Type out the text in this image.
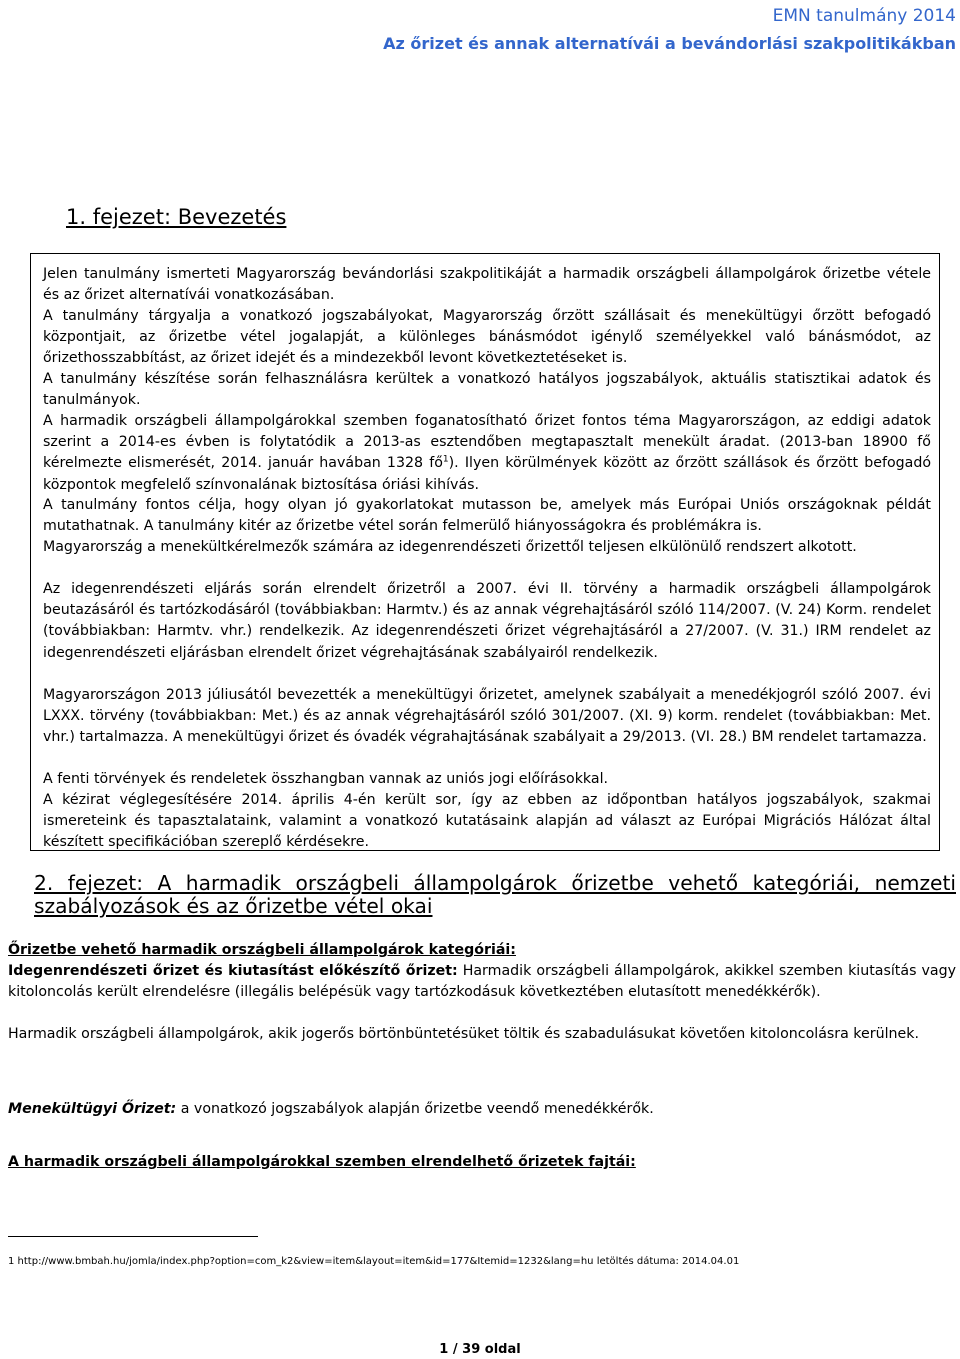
EMN tanulmány 2014
Az őrizet és annak alternatívái a bevándorlási szakpolitikákban
1. fejezet: Bevezetés

Jelen tanulmány ismerteti Magyarország bevándorlási szakpolitikáját a harmadik országbeli állampolgárok őrizetbe vétele és az őrizet alternatívái vonatkozásában.

A tanulmány tárgyalja a vonatkozó jogszabályokat, Magyarország őrzött szállásait és menekültügyi őrzött befogadó központjait, az őrizetbe vétel jogalapját, a különleges bánásmódot igénylő személyekkel való bánásmódot, az őrizethosszabbítást, az őrizet idejét és a mindezekből levont következtetéseket is.

A tanulmány készítése során felhasználásra kerültek a vonatkozó hatályos jogszabályok, aktuális statisztikai adatok és tanulmányok.

A harmadik országbeli állampolgárokkal szemben foganatosítható őrizet fontos téma Magyarországon, az eddigi adatok szerint a 2014-es évben is folytatódik a 2013-as esztendőben megtapasztalt menekült áradat. (2013-ban 18900 fő kérelmezte elismerését, 2014. január havában 1328 $fő^1$). Ilyen körülmények között az őrzött szállások és őrzött befogadó központok megfelelő színvonalának biztosítása óriási kihívás.

A tanulmány fontos célja, hogy olyan jó gyakorlatokat mutasson be, amelyek más Európai Uniós országoknak példát mutathatnak. A tanulmány kitér az őrizetbe vétel során felmerülő hiányosságokra és problémákra is.

Magyarország a menekültkérelmezők számára az idegenrendészeti őrizettől teljesen elkülönülő rendszert alkotott.

Az idegenrendészeti eljárás során elrendelt őrizetről a 2007. évi II. törvény a harmadik országbeli állampolgárok beutazásáról és tartózkodásáról (továbbiakban: Harmtv.) és az annak végrehajtásáról szóló 114/2007. (V. 24) Korm. rendelet (továbbiakban: Harmtv. vhr.) rendelkezik. Az idegenrendészeti őrizet végrehajtásáról a 27/2007. (V. 31.) IRM rendelet az idegenrendészeti eljárásban elrendelt őrizet végrehajtásának szabályairól rendelkezik.

Magyarországon 2013 júliusától bevezették a menekültügyi őrizetet, amelynek szabályait a menedékjogról szóló 2007. évi LXXX. törvény (továbbiakban: Met.) és az annak végrehajtásáról szóló 301/2007. (XI. 9) korm. rendelet (továbbiakban: Met. vhr.) tartalmazza. A menekültügyi őrizet és óvadék végrahajtásának szabályait a 29/2013. (VI. 28.) BM rendelet tartamazza.

A fenti törvények és rendeletek összhangban vannak az uniós jogi előírásokkal.

A kézirat véglegesítésére 2014. április 4-én került sor, így az ebben az időpontban hatályos jogszabályok, szakmai ismereteink és tapasztalataink, valamint a vonatkozó kutatásaink alapján ad választ az Európai Migrációs Hálózat által készített specifikációban szereplő kérdésekre.

2. fejezet: A harmadik országbeli állampolgárok őrizetbe vehető kategóriái, nemzeti szabályozások és az őrizetbe vétel okai

Őrizetbe vehető harmadik országbeli állampolgárok kategóriái:

Idegenrendészeti őrizet és kiutasítást előkészítő őrizet: Harmadik országbeli állampolgárok, akikkel szemben kiutasítás vagy kitoloncolás került elrendelésre (illegális belépésük vagy tartózkodásuk következtében elutasított menedékkérők).

Harmadik országbeli állampolgárok, akik jogerős börtönbüntetésüket töltik és szabadulásukat követően kitoloncolásra kerülnek.

Menekültügyi Őrizet: a vonatkozó jogszabályok alapján őrizetbe veendő menedékkérők.

A harmadik országbeli állampolgárokkal szemben elrendelhető őrizetek fajtái:

1 http://www.bmbah.hu/jomla/index.php?option=com_k2&view=item&layout=item&id=177&Itemid=1232&lang=hu letöltés dátuma: 2014.04.01
1 / 39 oldal
